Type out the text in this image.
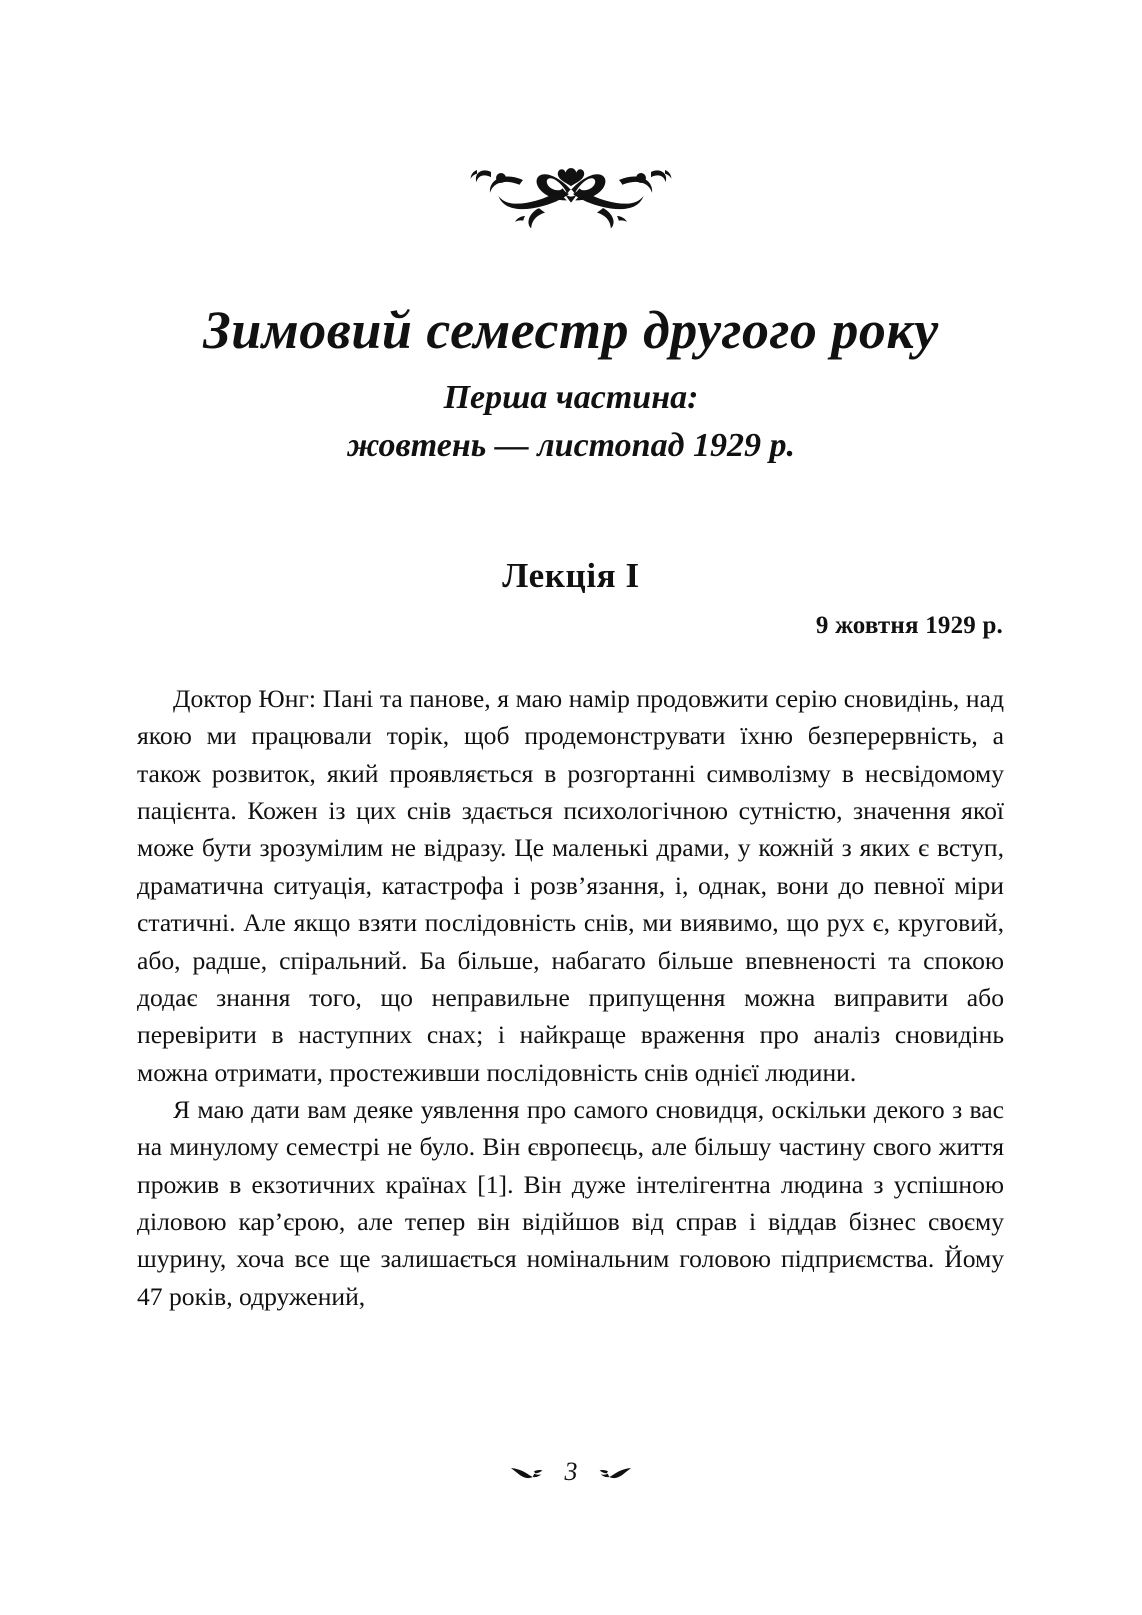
Зимовий семестр другого року
Перша частина:
жовтень — листопад 1929 р.
Лекція I
9 жовтня 1929 р.

Доктор Юнг: Пані та панове, я маю намір продовжити серію сновидінь, над якою ми працювали торік, щоб продемонструвати їхню безперервність, а також розвиток, який проявляється в розгортанні символізму в несвідомому пацієнта. Кожен із цих снів здається психологічною сутністю, значення якої може бути зрозумілим не відразу. Це маленькі драми, у кожній з яких є вступ, драматична ситуація, катастрофа і розв’язання, і, однак, вони до певної міри статичні. Але якщо взяти послідовність снів, ми виявимо, що рух є, круговий, або, радше, спіральний. Ба більше, набагато більше впевненості та спокою додає знання того, що неправильне припущення можна виправити або перевірити в наступних снах; і найкраще враження про аналіз сновидінь можна отримати, простеживши послідовність снів однієї людини.

Я маю дати вам деяке уявлення про самого сновидця, оскільки декого з вас на минулому семестрі не було. Він європеєць, але більшу частину свого життя прожив в екзотичних країнах [1]. Він дуже інтелігентна людина з успішною діловою кар’єрою, але тепер він відійшов від справ і віддав бізнес своєму шурину, хоча все ще залишається номінальним головою підприємства. Йому 47 років, одружений,

3
